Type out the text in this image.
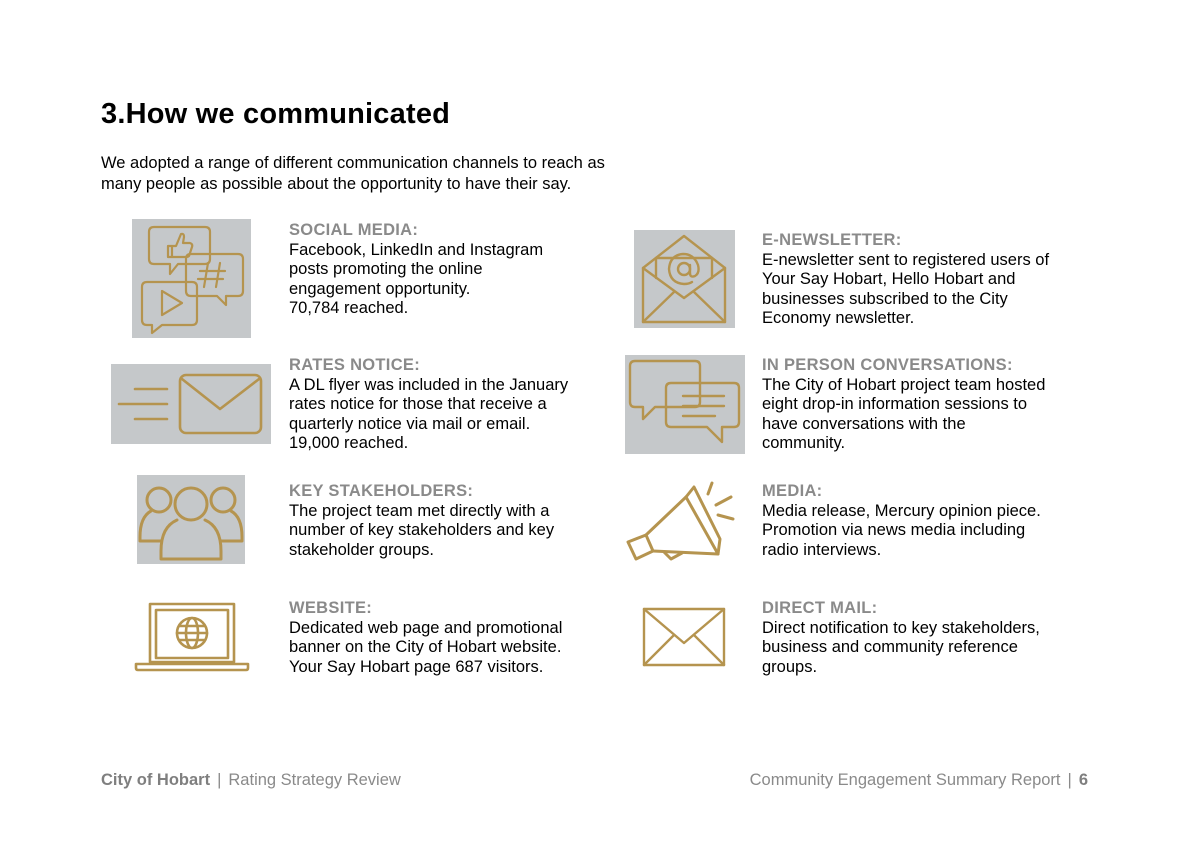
3.How we communicated

We adopted a range of different communication channels to reach as many people as possible about the opportunity to have their say.

SOCIAL MEDIA:
Facebook, LinkedIn and Instagram
posts promoting the online
engagement opportunity.
70,784 reached.
E-NEWSLETTER:
E-newsletter sent to registered users of
Your Say Hobart, Hello Hobart and
businesses subscribed to the City
Economy newsletter.
RATES NOTICE:
A DL flyer was included in the January
rates notice for those that receive a
quarterly notice via mail or email.
19,000 reached.
IN PERSON CONVERSATIONS:
The City of Hobart project team hosted
eight drop-in information sessions to
have conversations with the
community.
KEY STAKEHOLDERS:
The project team met directly with a
number of key stakeholders and key
stakeholder groups.
MEDIA:
Media release, Mercury opinion piece.
Promotion via news media including
radio interviews.
WEBSITE:
Dedicated web page and promotional
banner on the City of Hobart website.
Your Say Hobart page 687 visitors.
DIRECT MAIL:
Direct notification to key stakeholders,
business and community reference
groups.
City of Hobart | Rating Strategy Review	Community Engagement Summary Report | 6
